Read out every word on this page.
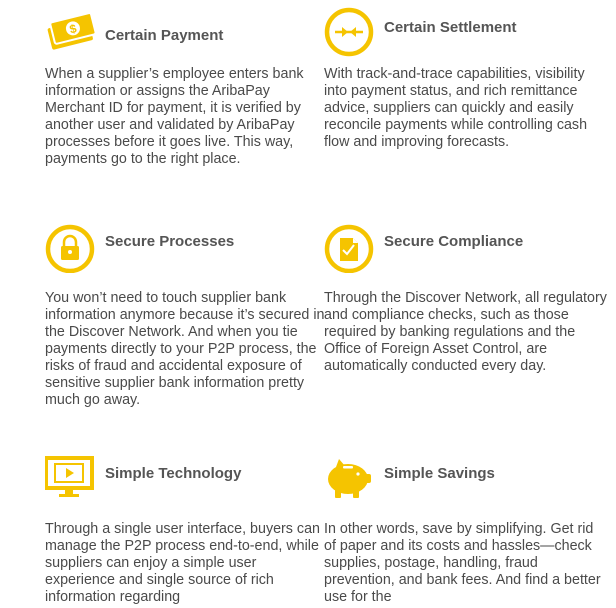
$ Certain Payment
When a supplier’s employee enters bank information or assigns the AribaPay Merchant ID for payment, it is verified by another user and validated by AribaPay processes before it goes live. This way, payments go to the right place.
Certain Settlement
With track-and-trace capabilities, visibility into payment status, and rich remittance advice, suppliers can quickly and easily reconcile payments while controlling cash flow and improving forecasts.
Secure Processes
You won’t need to touch supplier bank information anymore because it’s secured in the Discover Network. And when you tie payments directly to your P2P process, the risks of fraud and accidental exposure of sensitive supplier bank information pretty much go away.
Secure Compliance
Through the Discover Network, all regulatory and compliance checks, such as those required by banking regulations and the Office of Foreign Asset Control, are automatically conducted every day.
Simple Technology
Through a single user interface, buyers can manage the P2P process end-to-end, while suppliers can enjoy a simple user experience and single source of rich information regarding
Simple Savings
In other words, save by simplifying. Get rid of paper and its costs and hassles—check supplies, postage, handling, fraud prevention, and bank fees. And find a better use for the
